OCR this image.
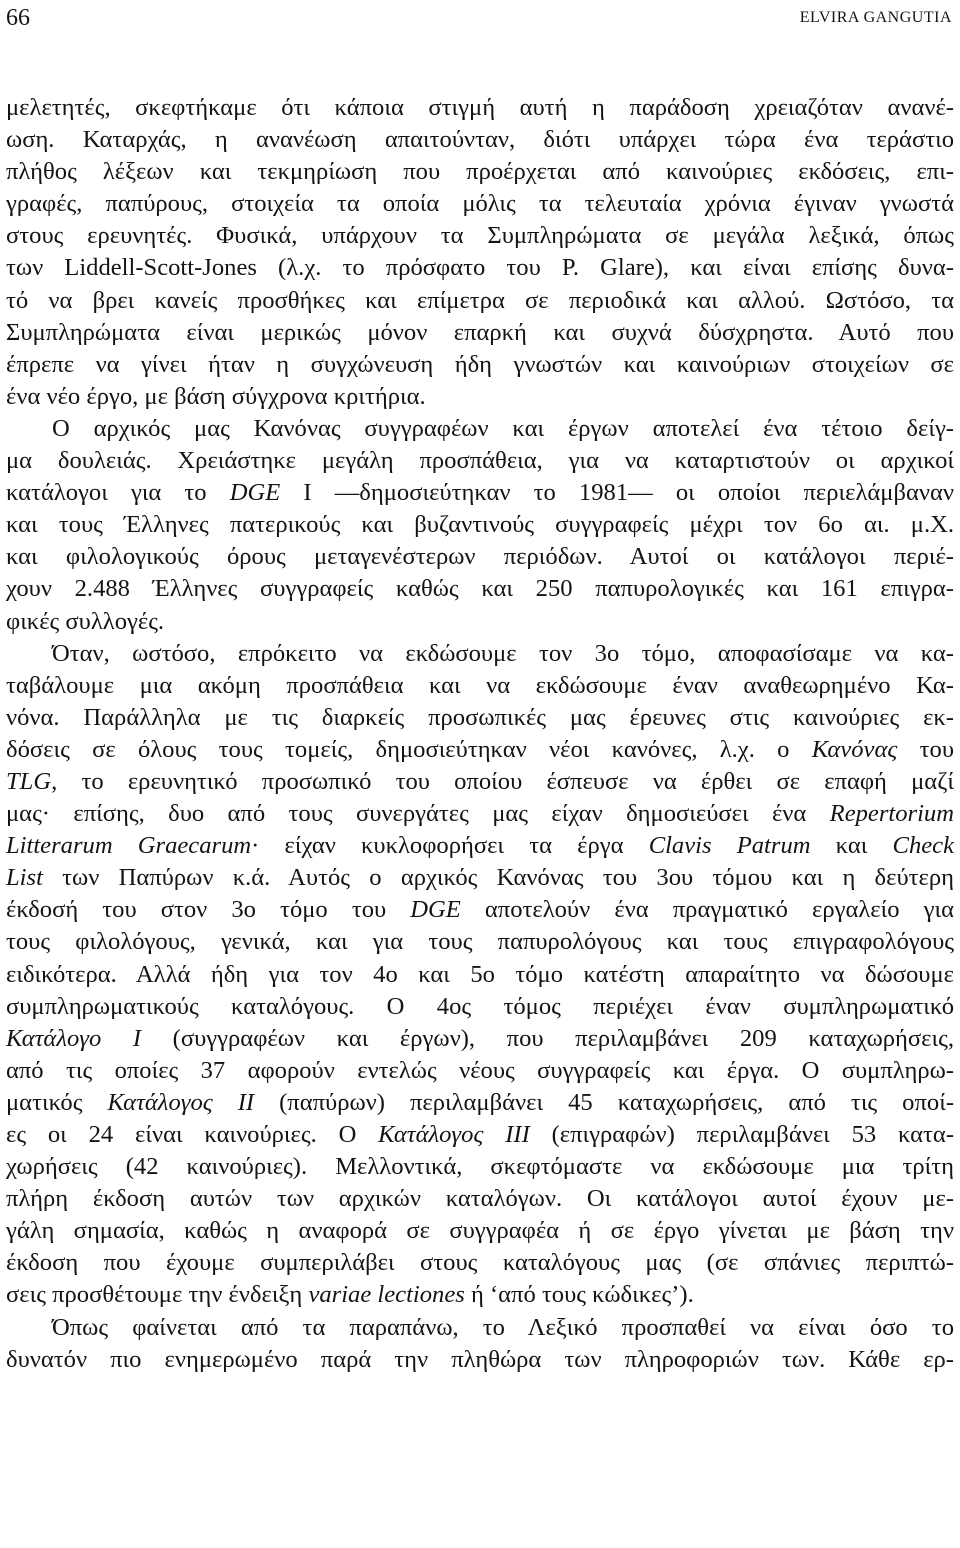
66	ELVIRA GANGUTIA
μελετητές, σκεφτήκαμε ότι κάποια στιγμή αυτή η παράδοση χρειαζόταν ανανέ-
ωση. Καταρχάς, η ανανέωση απαιτούνταν, διότι υπάρχει τώρα ένα τεράστιο
πλήθος λέξεων και τεκμηρίωση που προέρχεται από καινούριες εκδόσεις, επι-
γραφές, παπύρους, στοιχεία τα οποία μόλις τα τελευταία χρόνια έγιναν γνωστά
στους ερευνητές. Φυσικά, υπάρχουν τα Συμπληρώματα σε μεγάλα λεξικά, όπως
των Liddell-Scott-Jones (λ.χ. το πρόσφατο του P. Glare), και είναι επίσης δυνα-
τό να βρει κανείς προσθήκες και επίμετρα σε περιοδικά και αλλού. Ωστόσο, τα
Συμπληρώματα είναι μερικώς μόνον επαρκή και συχνά δύσχρηστα. Αυτό που
έπρεπε να γίνει ήταν η συγχώνευση ήδη γνωστών και καινούριων στοιχείων σε
ένα νέο έργο, με βάση σύγχρονα κριτήρια.
Ο αρχικός μας Κανόνας συγγραφέων και έργων αποτελεί ένα τέτοιο δείγ-
μα δουλειάς. Χρειάστηκε μεγάλη προσπάθεια, για να καταρτιστούν οι αρχικοί
κατάλογοι για το DGE I —δημοσιεύτηκαν το 1981— οι οποίοι περιελάμβαναν
και τους Έλληνες πατερικούς και βυζαντινούς συγγραφείς μέχρι τον 6ο αι. μ.Χ.
και φιλολογικούς όρους μεταγενέστερων περιόδων. Αυτοί οι κατάλογοι περιέ-
χουν 2.488 Έλληνες συγγραφείς καθώς και 250 παπυρολογικές και 161 επιγρα-
φικές συλλογές.
Όταν, ωστόσο, επρόκειτο να εκδώσουμε τον 3ο τόμο, αποφασίσαμε να κα-
ταβάλουμε μια ακόμη προσπάθεια και να εκδώσουμε έναν αναθεωρημένο Κα-
νόνα. Παράλληλα με τις διαρκείς προσωπικές μας έρευνες στις καινούριες εκ-
δόσεις σε όλους τους τομείς, δημοσιεύτηκαν νέοι κανόνες, λ.χ. ο Κανόνας του
TLG, το ερευνητικό προσωπικό του οποίου έσπευσε να έρθει σε επαφή μαζί
μας· επίσης, δυο από τους συνεργάτες μας είχαν δημοσιεύσει ένα Repertorium
Litterarum Graecarum· είχαν κυκλοφορήσει τα έργα Clavis Patrum και Check
List των Παπύρων κ.ά. Αυτός ο αρχικός Κανόνας του 3ου τόμου και η δεύτερη
έκδοσή του στον 3ο τόμο του DGE αποτελούν ένα πραγματικό εργαλείο για
τους φιλολόγους, γενικά, και για τους παπυρολόγους και τους επιγραφολόγους
ειδικότερα. Αλλά ήδη για τον 4ο και 5ο τόμο κατέστη απαραίτητο να δώσουμε
συμπληρωματικούς καταλόγους. Ο 4ος τόμος περιέχει έναν συμπληρωματικό
Κατάλογο Ι (συγγραφέων και έργων), που περιλαμβάνει 209 καταχωρήσεις,
από τις οποίες 37 αφορούν εντελώς νέους συγγραφείς και έργα. Ο συμπληρω-
ματικός Κατάλογος ΙΙ (παπύρων) περιλαμβάνει 45 καταχωρήσεις, από τις οποί-
ες οι 24 είναι καινούριες. Ο Κατάλογος ΙΙΙ (επιγραφών) περιλαμβάνει 53 κατα-
χωρήσεις (42 καινούριες). Μελλοντικά, σκεφτόμαστε να εκδώσουμε μια τρίτη
πλήρη έκδοση αυτών των αρχικών καταλόγων. Οι κατάλογοι αυτοί έχουν με-
γάλη σημασία, καθώς η αναφορά σε συγγραφέα ή σε έργο γίνεται με βάση την
έκδοση που έχουμε συμπεριλάβει στους καταλόγους μας (σε σπάνιες περιπτώ-
σεις προσθέτουμε την ένδειξη variae lectiones ή ‘από τους κώδικες’).
Όπως φαίνεται από τα παραπάνω, το Λεξικό προσπαθεί να είναι όσο το
δυνατόν πιο ενημερωμένο παρά την πληθώρα των πληροφοριών των. Κάθε ερ-
